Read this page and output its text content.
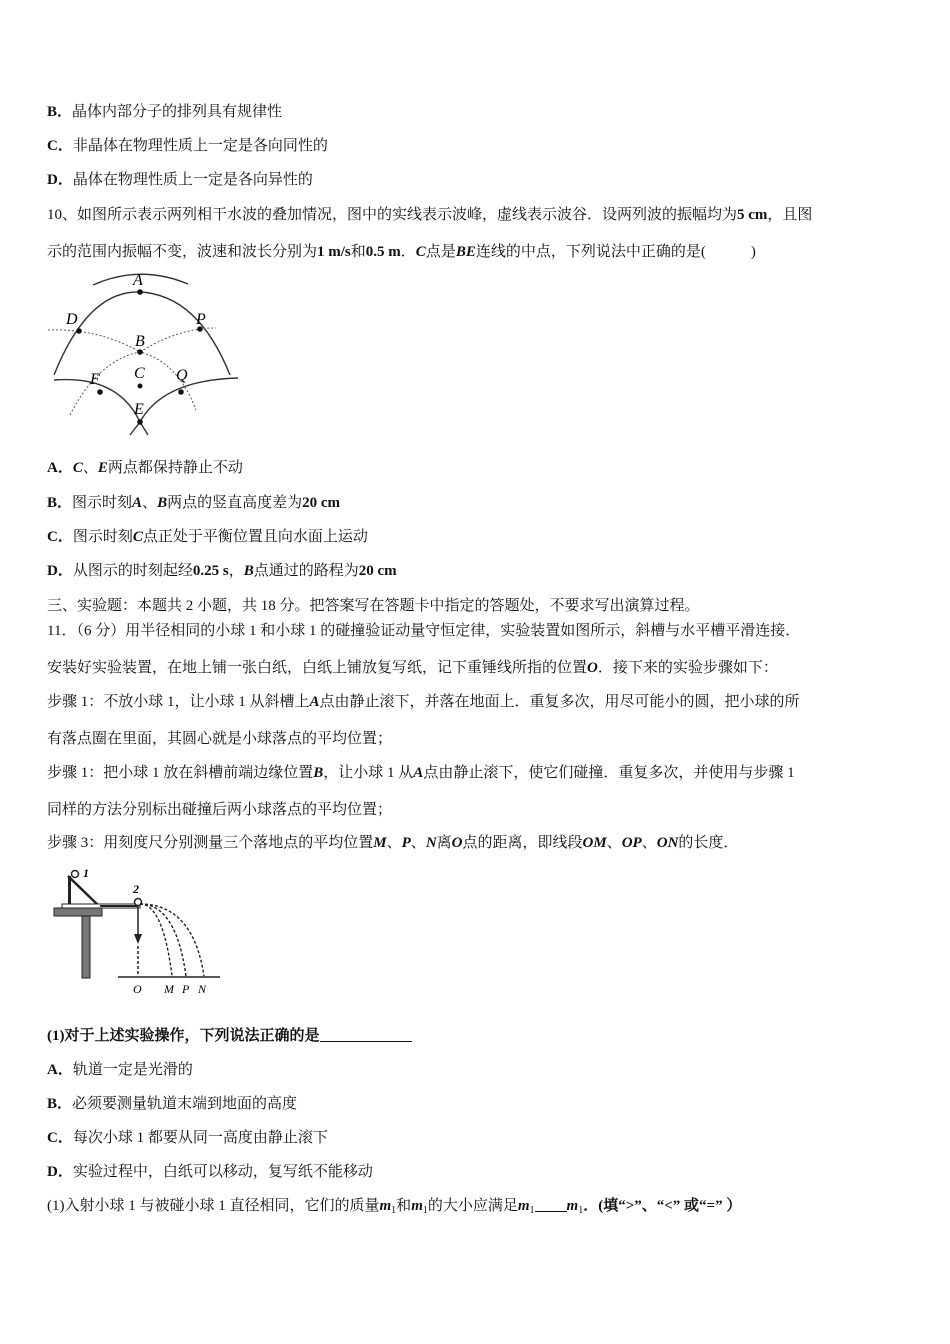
B．晶体内部分子的排列具有规律性
C．非晶体在物理性质上一定是各向同性的
D．晶体在物理性质上一定是各向异性的
10、如图所示表示两列相干水波的叠加情况，图中的实线表示波峰，虚线表示波谷．设两列波的振幅均为5 cm，且图
示的范围内振幅不变，波速和波长分别为1 m/s和0.5 m．C点是BE连线的中点，下列说法中正确的是(　　　)
A
D	P
B
C
F	Q
E
A．C、E两点都保持静止不动
B．图示时刻A、B两点的竖直高度差为20 cm
C．图示时刻C点正处于平衡位置且向水面上运动
D．从图示的时刻起经0.25 s，B点通过的路程为20 cm
三、实验题：本题共 2 小题，共 18 分。把答案写在答题卡中指定的答题处，不要求写出演算过程。
11．（6 分）用半径相同的小球 1 和小球 1 的碰撞验证动量守恒定律，实验装置如图所示，斜槽与水平槽平滑连接．
安装好实验装置，在地上铺一张白纸，白纸上铺放复写纸，记下重锤线所指的位置O．接下来的实验步骤如下：
步骤 1：不放小球 1，让小球 1 从斜槽上A点由静止滚下，并落在地面上．重复多次，用尽可能小的圆，把小球的所
有落点圈在里面，其圆心就是小球落点的平均位置；
步骤 1：把小球 1 放在斜槽前端边缘位置B，让小球 1 从A点由静止滚下，使它们碰撞．重复多次，并使用与步骤 1
同样的方法分别标出碰撞后两小球落点的平均位置；
步骤 3：用刻度尺分别测量三个落地点的平均位置M、P、N离O点的距离，即线段OM、OP、ON的长度．
1
2
O M P N
(1)对于上述实验操作，下列说法正确的是
A．轨道一定是光滑的
B．必须要测量轨道末端到地面的高度
C．每次小球 1 都要从同一高度由静止滚下
D．实验过程中，白纸可以移动，复写纸不能移动
(1)入射小球 1 与被碰小球 1 直径相同，它们的质量$m_1$和$m_1$的大小应满足$m_1$ $m_1$．(填“>”、“<” 或“=” ）
